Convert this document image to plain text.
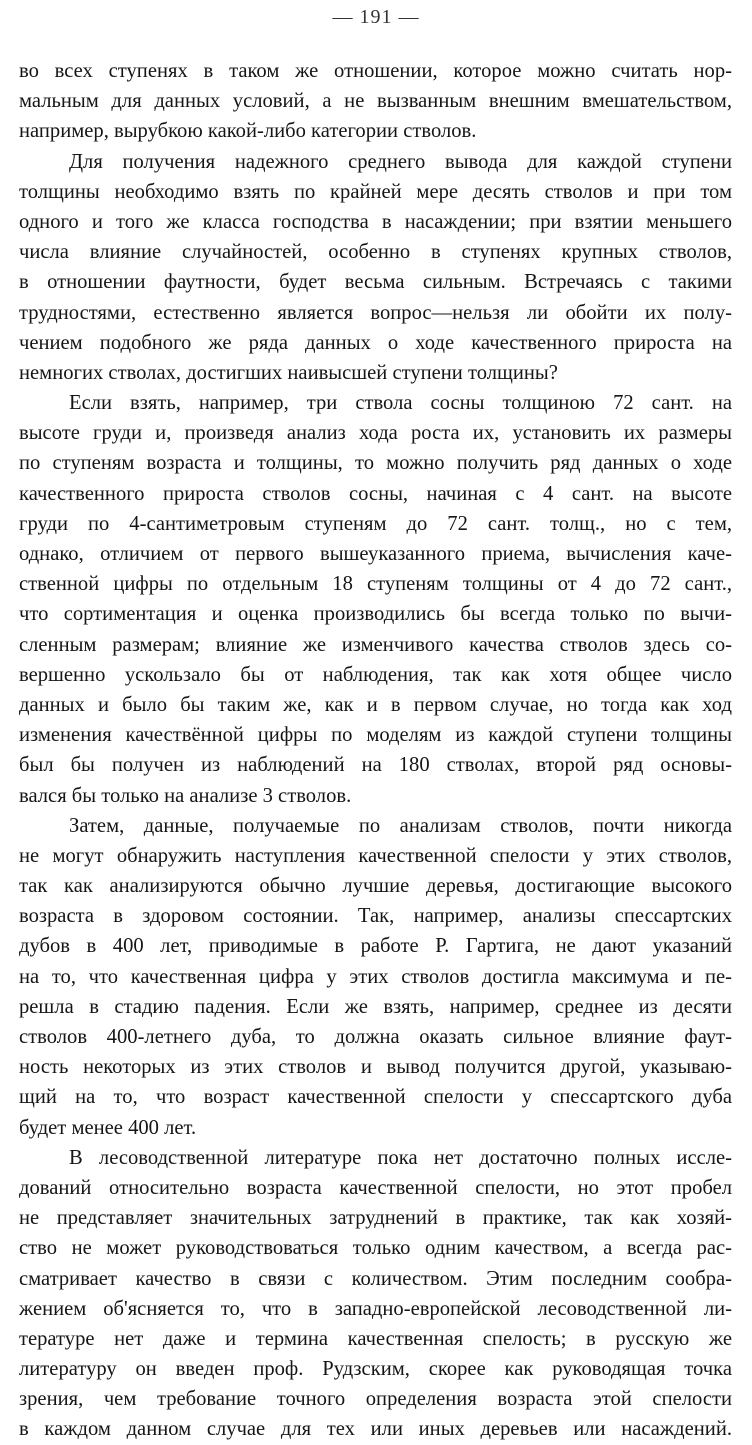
— 191 —
во всех ступенях в таком же отношении, которое можно считать нор-
мальным для данных условий, а не вызванным внешним вмешательством,
например, вырубкою какой-либо категории стволов.
Для получения надежного среднего вывода для каждой ступени
толщины необходимо взять по крайней мере десять стволов и при том
одного и того же класса господства в насаждении; при взятии меньшего
числа влияние случайностей, особенно в ступенях крупных стволов,
в отношении фаутности, будет весьма сильным. Встречаясь с такими
трудностями, естественно является вопрос—нельзя ли обойти их полу-
чением подобного же ряда данных о ходе качественного прироста на
немногих стволах, достигших наивысшей ступени толщины?
Если взять, например, три ствола сосны толщиною 72 сант. на
высоте груди и, произведя анализ хода роста их, установить их размеры
по ступеням возраста и толщины, то можно получить ряд данных о ходе
качественного прироста стволов сосны, начиная с 4 сант. на высоте
груди по 4-сантиметровым ступеням до 72 сант. толщ., но с тем,
однако, отличием от первого вышеуказанного приема, вычисления каче-
ственной цифры по отдельным 18 ступеням толщины от 4 до 72 сант.,
что сортиментация и оценка производились бы всегда только по вычи-
сленным размерам; влияние же изменчивого качества стволов здесь со-
вершенно ускользало бы от наблюдения, так как хотя общее число
данных и было бы таким же, как и в первом случае, но тогда как ход
изменения качествённой цифры по моделям из каждой ступени толщины
был бы получен из наблюдений на 180 стволах, второй ряд основы-
вался бы только на анализе 3 стволов.
Затем, данные, получаемые по анализам стволов, почти никогда
не могут обнаружить наступления качественной спелости у этих стволов,
так как анализируются обычно лучшие деревья, достигающие высокого
возраста в здоровом состоянии. Так, например, анализы спессартских
дубов в 400 лет, приводимые в работе Р. Гартига, не дают указаний
на то, что качественная цифра у этих стволов достигла максимума и пе-
решла в стадию падения. Если же взять, например, среднее из десяти
стволов 400-летнего дуба, то должна оказать сильное влияние фаут-
ность некоторых из этих стволов и вывод получится другой, указываю-
щий на то, что возраст качественной спелости у спессартского дуба
будет менее 400 лет.
В лесоводственной литературе пока нет достаточно полных иссле-
дований относительно возраста качественной спелости, но этот пробел
не представляет значительных затруднений в практике, так как хозяй-
ство не может руководствоваться только одним качеством, а всегда рас-
сматривает качество в связи с количеством. Этим последним сообра-
жением об'ясняется то, что в западно-европейской лесоводственной ли-
тературе нет даже и термина качественная спелость; в русскую же
литературу он введен проф. Рудзским, скорее как руководящая точка
зрения, чем требование точного определения возраста этой спелости
в каждом данном случае для тех или иных деревьев или насаждений.
